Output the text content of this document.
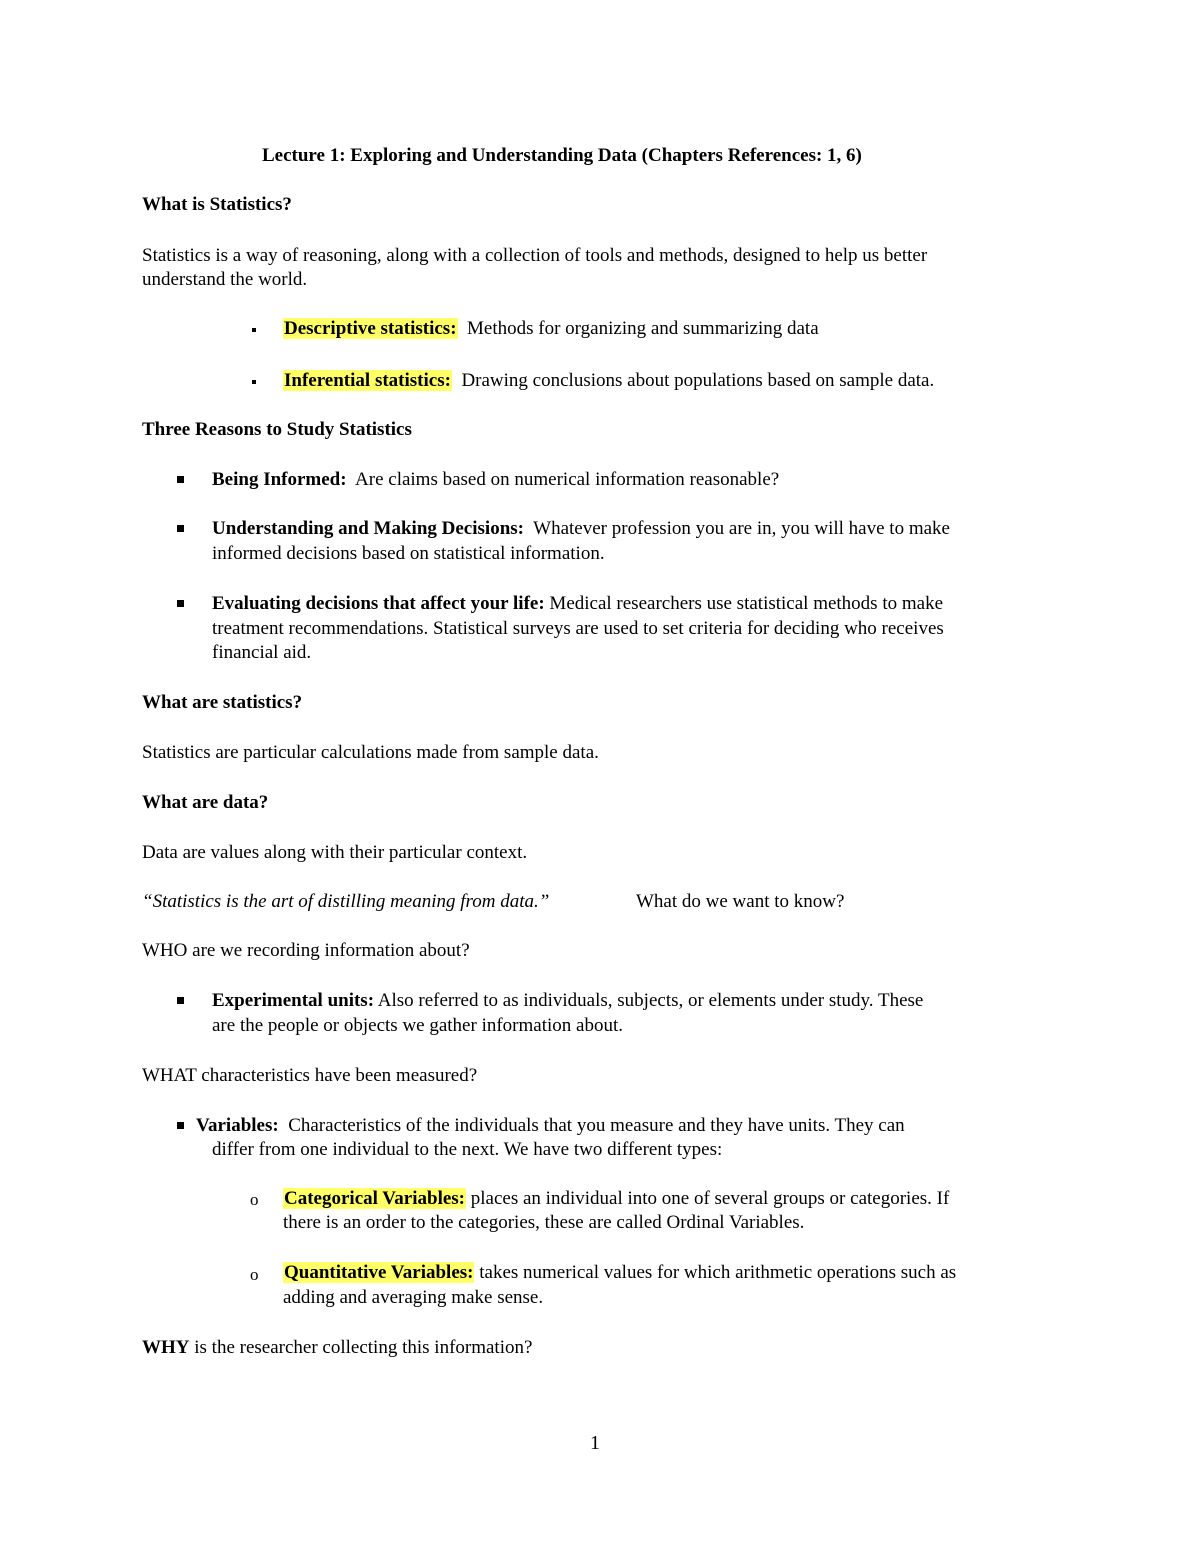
Lecture 1: Exploring and Understanding Data (Chapters References: 1, 6)
What is Statistics?
Statistics is a way of reasoning, along with a collection of tools and methods, designed to help us better
understand the world.
Descriptive statistics: Methods for organizing and summarizing data
Inferential statistics: Drawing conclusions about populations based on sample data.
Three Reasons to Study Statistics
Being Informed: Are claims based on numerical information reasonable?
Understanding and Making Decisions: Whatever profession you are in, you will have to make
informed decisions based on statistical information.
Evaluating decisions that affect your life: Medical researchers use statistical methods to make
treatment recommendations. Statistical surveys are used to set criteria for deciding who receives
financial aid.
What are statistics?
Statistics are particular calculations made from sample data.
What are data?
Data are values along with their particular context.
“Statistics is the art of distilling meaning from data.”	What do we want to know?
WHO are we recording information about?
Experimental units: Also referred to as individuals, subjects, or elements under study. These
are the people or objects we gather information about.
WHAT characteristics have been measured?
Variables: Characteristics of the individuals that you measure and they have units. They can
differ from one individual to the next. We have two different types:
o Categorical Variables: places an individual into one of several groups or categories. If
there is an order to the categories, these are called Ordinal Variables.
o Quantitative Variables: takes numerical values for which arithmetic operations such as
adding and averaging make sense.
WHY is the researcher collecting this information?
1
